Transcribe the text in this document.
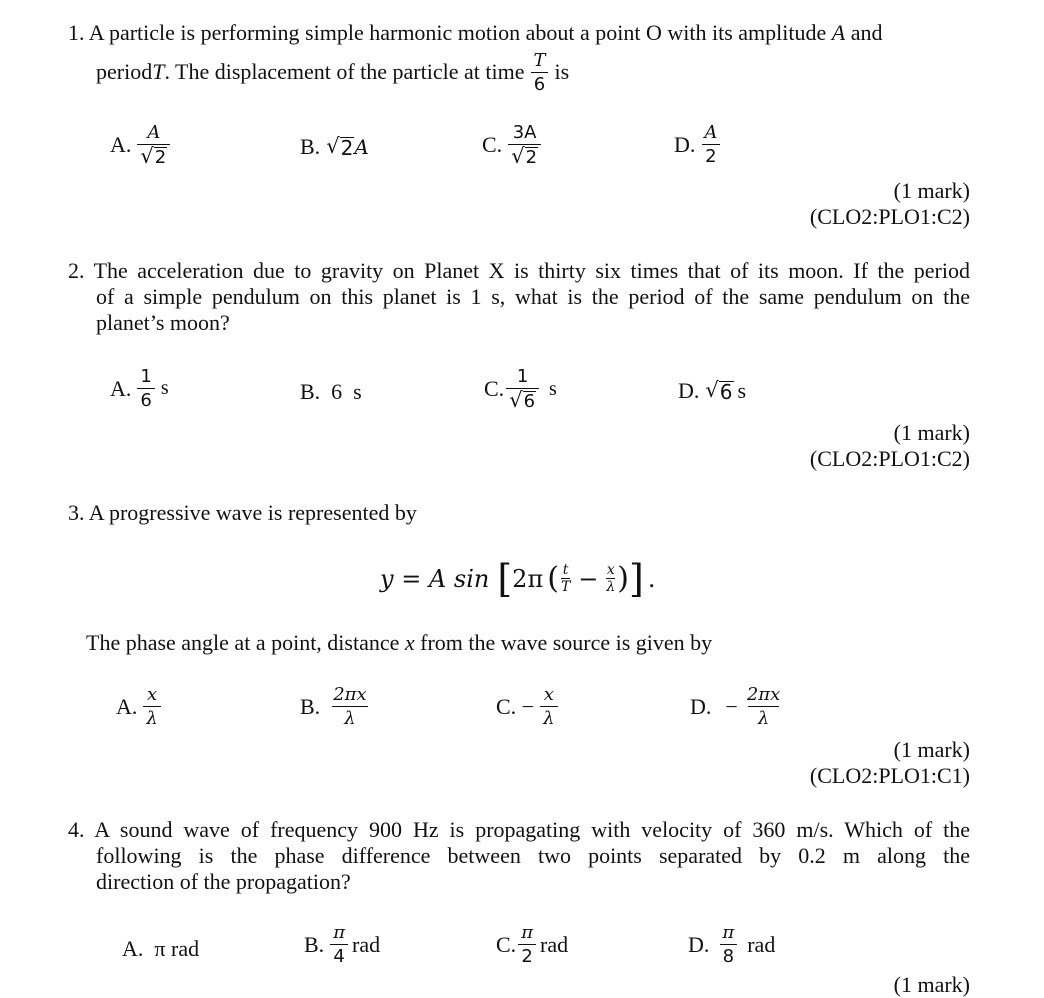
1. A particle is performing simple harmonic motion about a point O with its amplitude A and
period T . The displacement of the particle at time $\frac{T}{6}$ is
A. $\frac{A}{√ 2}$	B. √ 2 A	C. $\frac{3A}{√ 2}$	D. $\frac{A}{2}$
(1 mark)
(CLO2:PLO1:C2)
2. The acceleration due to gravity on Planet X is thirty six times that of its moon. If the period
of a simple pendulum on this planet is 1 s, what is the period of the same pendulum on the
planet’s moon?
A. $\frac{1}{6}$ s	B.  6  s	C. $\frac{1}{√ 6}$ s	D. √ 6 s
(1 mark)
(CLO2:PLO1:C2)
3. A progressive wave is represented by
y = A sin [ 2π ( t
$T - \frac{x}{\lambda}$ ) ] .
The phase angle at a point, distance x from the wave source is given by
A. $\frac{x}{\lambda}$	B. $\frac{2\pi x}{\lambda}$	C. − $\frac{x}{\lambda}$	D. − $\frac{2\pi x}{\lambda}$
(1 mark)
(CLO2:PLO1:C1)
4. A sound wave of frequency 900 Hz is propagating with velocity of 360 m/s. Which of the
following is the phase difference between two points separated by 0.2 m along the
direction of the propagation?
A.  π rad	B. $\frac{\pi}{4}$ rad	C. $\frac{\pi}{2}$ rad	D. $\frac{\pi}{8}$ rad
(1 mark)
